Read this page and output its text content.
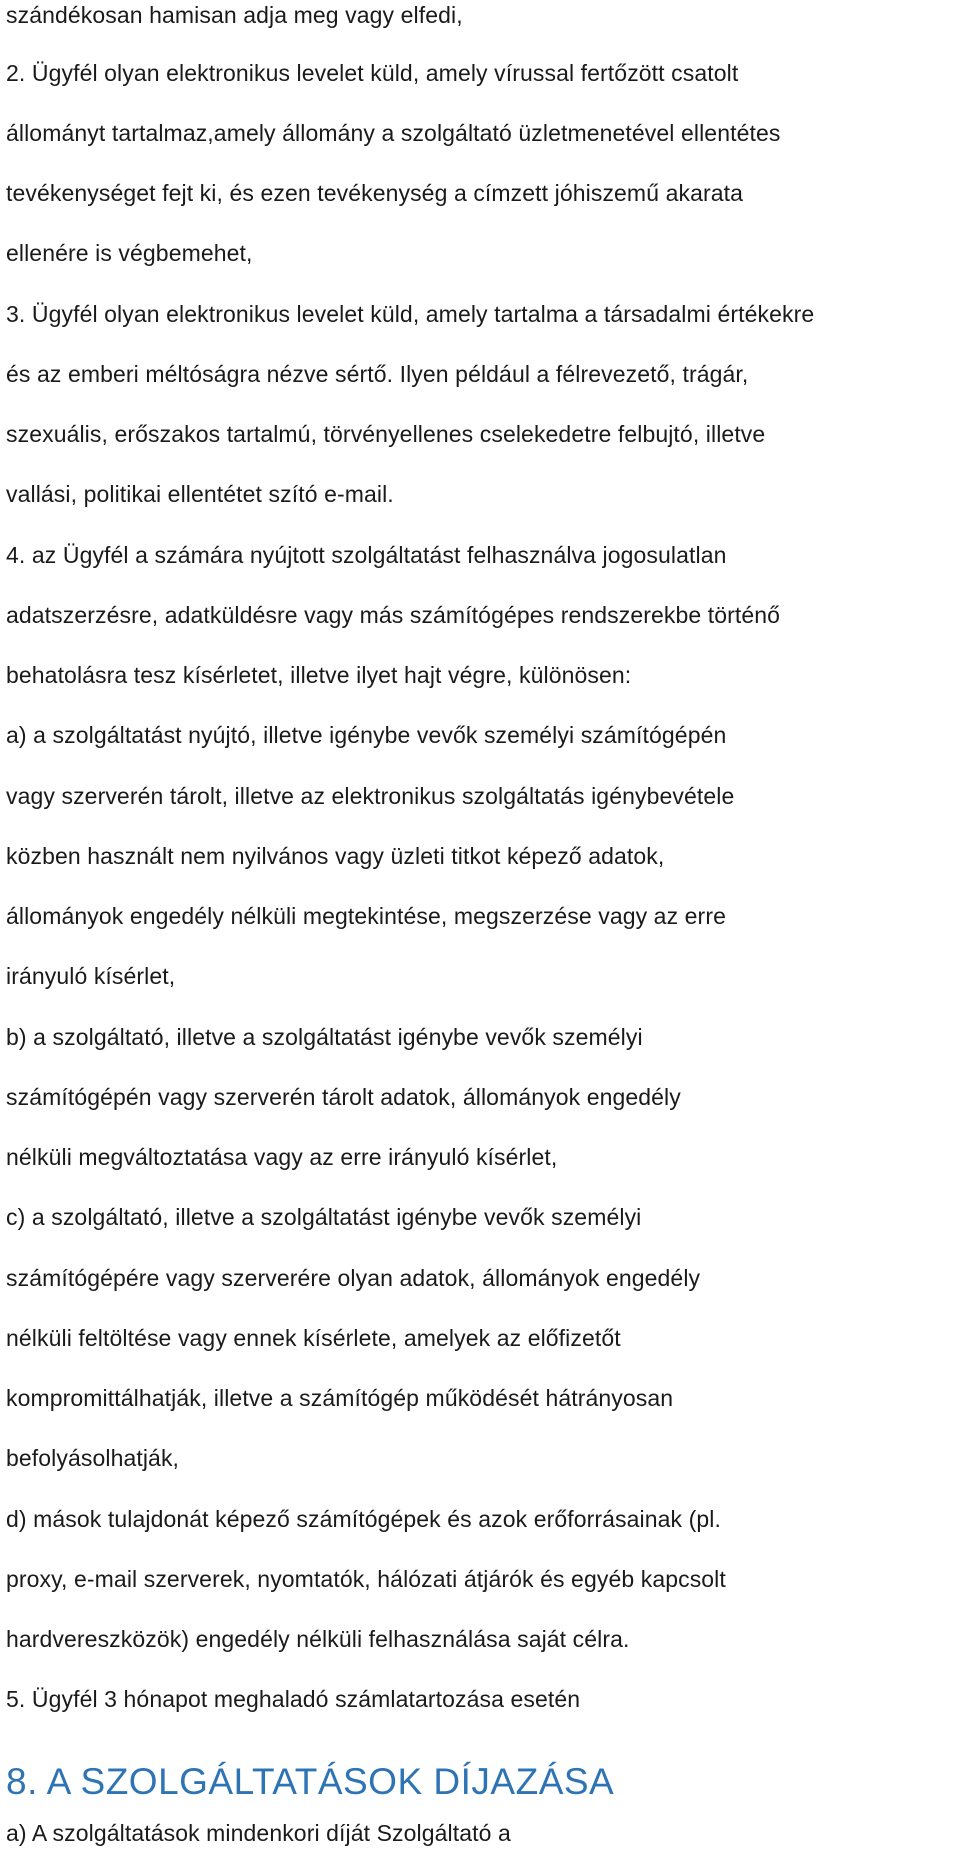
szándékosan hamisan adja meg vagy elfedi,
2. Ügyfél olyan elektronikus levelet küld, amely vírussal fertőzött csatolt
állományt tartalmaz,amely állomány a szolgáltató üzletmenetével ellentétes
tevékenységet fejt ki, és ezen tevékenység a címzett jóhiszemű akarata
ellenére is végbemehet,
3. Ügyfél olyan elektronikus levelet küld, amely tartalma a társadalmi értékekre
és az emberi méltóságra nézve sértő. Ilyen például a félrevezető, trágár,
szexuális, erőszakos tartalmú, törvényellenes cselekedetre felbujtó, illetve
vallási, politikai ellentétet szító e-mail.
4. az Ügyfél a számára nyújtott szolgáltatást felhasználva jogosulatlan
adatszerzésre, adatküldésre vagy más számítógépes rendszerekbe történő
behatolásra tesz kísérletet, illetve ilyet hajt végre, különösen:
a) a szolgáltatást nyújtó, illetve igénybe vevők személyi számítógépén
vagy szerverén tárolt, illetve az elektronikus szolgáltatás igénybevétele
közben használt nem nyilvános vagy üzleti titkot képező adatok,
állományok engedély nélküli megtekintése, megszerzése vagy az erre
irányuló kísérlet,
b) a szolgáltató, illetve a szolgáltatást igénybe vevők személyi
számítógépén vagy szerverén tárolt adatok, állományok engedély
nélküli megváltoztatása vagy az erre irányuló kísérlet,
c) a szolgáltató, illetve a szolgáltatást igénybe vevők személyi
számítógépére vagy szerverére olyan adatok, állományok engedély
nélküli feltöltése vagy ennek kísérlete, amelyek az előfizetőt
kompromittálhatják, illetve a számítógép működését hátrányosan
befolyásolhatják,
d) mások tulajdonát képező számítógépek és azok erőforrásainak (pl.
proxy, e-mail szerverek, nyomtatók, hálózati átjárók és egyéb kapcsolt
hardvereszközök) engedély nélküli felhasználása saját célra.
5. Ügyfél 3 hónapot meghaladó számlatartozása esetén
8. A SZOLGÁLTATÁSOK DÍJAZÁSA
a) A szolgáltatások mindenkori díját Szolgáltató a
